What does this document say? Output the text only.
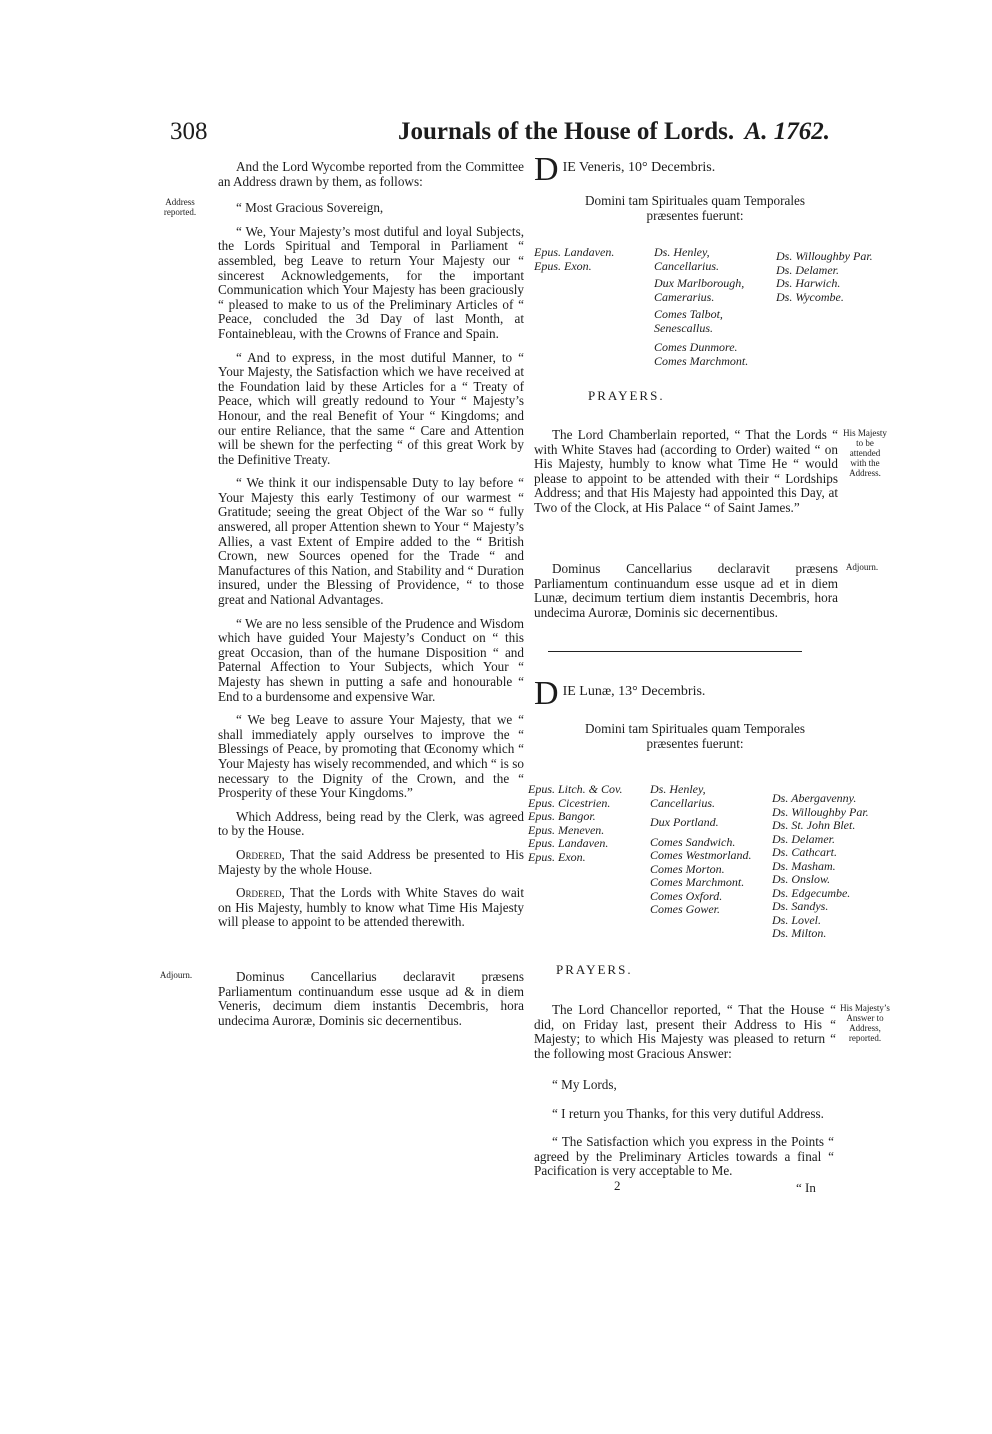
308	Journals of the House of Lords. A. 1762.
Address reported.

And the Lord Wycombe reported from the Committee an Address drawn by them, as follows:

“ Most Gracious Sovereign,

“ We, Your Majesty’s most dutiful and loyal Subjects, the Lords Spiritual and Temporal in Parliament “ assembled, beg Leave to return Your Majesty our “ sincerest Acknowledgements, for the important Communication which Your Majesty has been graciously “ pleased to make to us of the Preliminary Articles of “ Peace, concluded the 3d Day of last Month, at Fontainebleau, with the Crowns of France and Spain.

“ And to express, in the most dutiful Manner, to “ Your Majesty, the Satisfaction which we have received at the Foundation laid by these Articles for a “ Treaty of Peace, which will greatly redound to Your “ Majesty’s Honour, and the real Benefit of Your “ Kingdoms; and our entire Reliance, that the same “ Care and Attention will be shewn for the perfecting “ of this great Work by the Definitive Treaty.

“ We think it our indispensable Duty to lay before “ Your Majesty this early Testimony of our warmest “ Gratitude; seeing the great Object of the War so “ fully answered, all proper Attention shewn to Your “ Majesty’s Allies, a vast Extent of Empire added to the “ British Crown, new Sources opened for the Trade “ and Manufactures of this Nation, and Stability and “ Duration insured, under the Blessing of Providence, “ to those great and National Advantages.

“ We are no less sensible of the Prudence and Wisdom which have guided Your Majesty’s Conduct on “ this great Occasion, than of the humane Disposition “ and Paternal Affection to Your Subjects, which Your “ Majesty has shewn in putting a safe and honourable “ End to a burdensome and expensive War.

“ We beg Leave to assure Your Majesty, that we “ shall immediately apply ourselves to improve the “ Blessings of Peace, by promoting that Œconomy which “ Your Majesty has wisely recommended, and which “ is so necessary to the Dignity of the Crown, and the “ Prosperity of these Your Kingdoms.”

Which Address, being read by the Clerk, was agreed to by the House.

Ordered, That the said Address be presented to His Majesty by the whole House.

Ordered, That the Lords with White Staves do wait on His Majesty, humbly to know what Time His Majesty will please to appoint to be attended therewith.

Adjourn.	Dominus Cancellarius declaravit præsens Parliamentum continuandum esse usque ad & in diem Veneris, decimum diem instantis Decembris, hora undecima Auroræ, Dominis sic decernentibus.

DIE Veneris, 10° Decembris.

Domini tam Spirituales quam Temporales præsentes fuerunt:
Epus. Landaven.
Epus. Exon.
Ds. Henley, Cancellarius.
Dux Marlborough, Camerarius.
Comes Talbot, Senescallus.
Comes Dunmore.
Comes Marchmont.
Ds. Willoughby Par.
Ds. Delamer.
Ds. Harwich.
Ds. Wycombe.
PRAYERS.

The Lord Chamberlain reported, “ That the Lords “ with White Staves had (according to Order) waited “ on His Majesty, humbly to know what Time He “ would please to appoint to be attended with their “ Lordships Address; and that His Majesty had appointed this Day, at Two of the Clock, at His Palace “ of Saint James.”

His Majesty to be attended with the Address.

Dominus Cancellarius declaravit præsens Parliamentum continuandum esse usque ad et in diem Lunæ, decimum tertium diem instantis Decembris, hora undecima Auroræ, Dominis sic decernentibus.

Adjourn.

DIE Lunæ, 13° Decembris.

Domini tam Spirituales quam Temporales præsentes fuerunt:
Epus. Litch. & Cov.
Epus. Cicestrien.
Epus. Bangor.
Epus. Meneven.
Epus. Landaven.
Epus. Exon.
Ds. Henley, Cancellarius.
Dux Portland.
Comes Sandwich.
Comes Westmorland.
Comes Morton.
Comes Marchmont.
Comes Oxford.
Comes Gower.
Ds. Abergavenny.
Ds. Willoughby Par.
Ds. St. John Blet.
Ds. Delamer.
Ds. Cathcart.
Ds. Masham.
Ds. Onslow.
Ds. Edgecumbe.
Ds. Sandys.
Ds. Lovel.
Ds. Milton.
PRAYERS.

The Lord Chancellor reported, “ That the House “ did, on Friday last, present their Address to His “ Majesty; to which His Majesty was pleased to return “ the following most Gracious Answer:

His Majesty’s Answer to Address, reported.

“ My Lords,

“ I return you Thanks, for this very dutiful Address.

“ The Satisfaction which you express in the Points “ agreed by the Preliminary Articles towards a final “ Pacification is very acceptable to Me.

2	“ In
